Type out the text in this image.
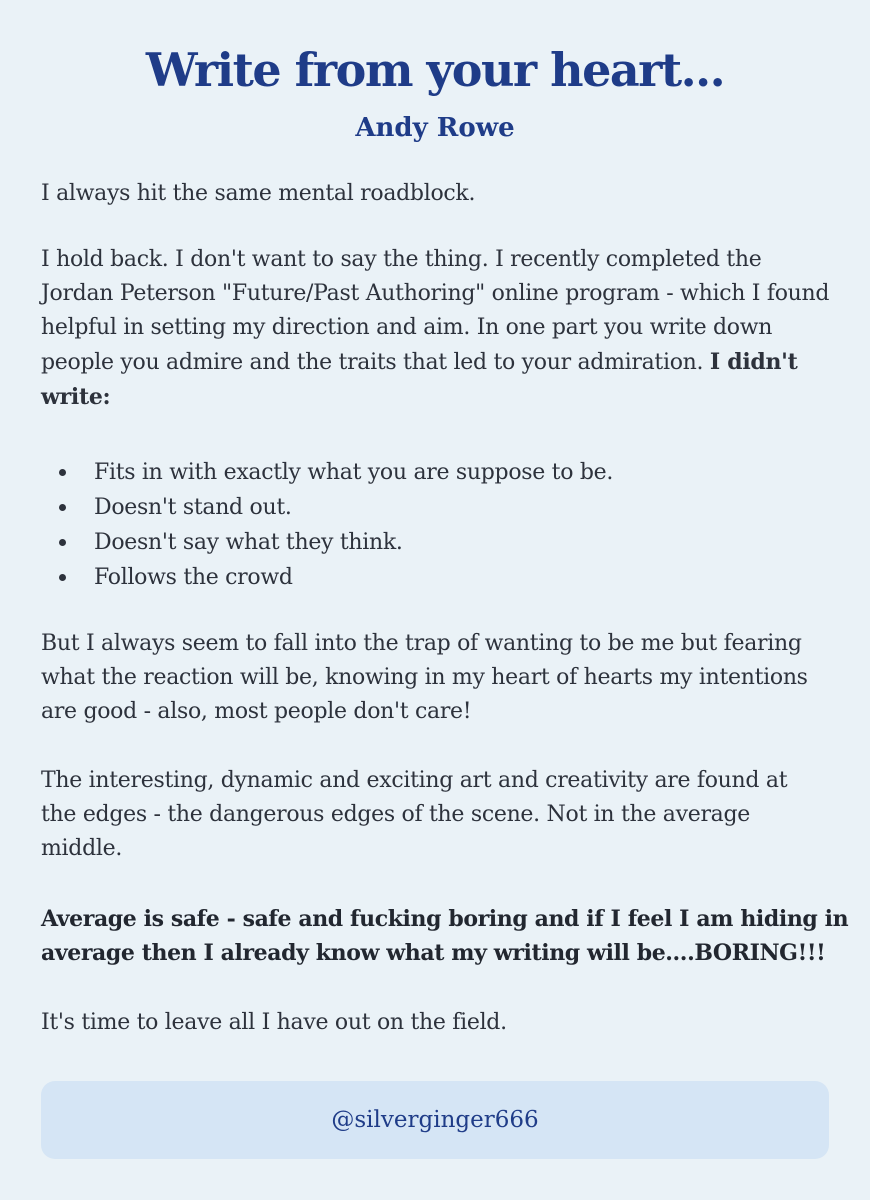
Write from your heart...
Andy Rowe

I always hit the same mental roadblock.

I hold back. I don't want to say the thing. I recently completed the Jordan Peterson "Future/Past Authoring" online program - which I found helpful in setting my direction and aim. In one part you write down people you admire and the traits that led to your admiration. I didn't write:

Fits in with exactly what you are suppose to be.
Doesn't stand out.
Doesn't say what they think.
Follows the crowd

But I always seem to fall into the trap of wanting to be me but fearing what the reaction will be, knowing in my heart of hearts my intentions are good - also, most people don't care!

The interesting, dynamic and exciting art and creativity are found at the edges - the dangerous edges of the scene. Not in the average middle.

Average is safe - safe and fucking boring and if I feel I am hiding in average then I already know what my writing will be....BORING!!!

It's time to leave all I have out on the field.

@silverginger666
